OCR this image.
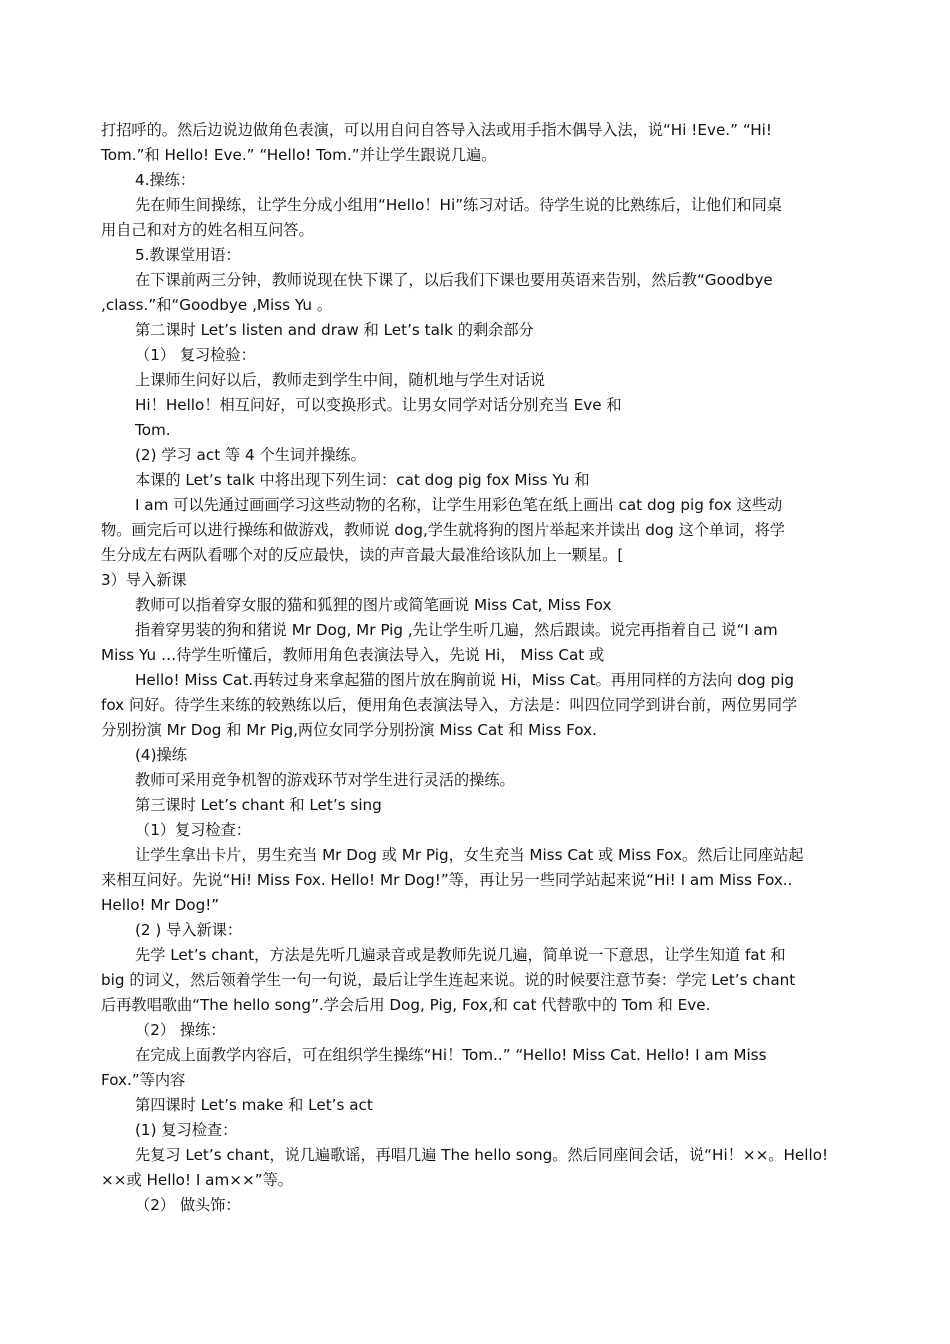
打招呼的。然后边说边做角色表演，可以用自问自答导入法或用手指木偶导入法，说“Hi !Eve.” “Hi!

Tom.”和 Hello! Eve.” “Hello! Tom.”并让学生跟说几遍。

4.操练：

先在师生间操练，让学生分成小组用“Hello！Hi”练习对话。待学生说的比熟练后，让他们和同桌

用自己和对方的姓名相互问答。

5.教课堂用语：

在下课前两三分钟，教师说现在快下课了，以后我们下课也要用英语来告别，然后教“Goodbye

,class.”和“Goodbye ,Miss Yu 。

第二课时 Let’s listen and draw 和 Let’s talk 的剩余部分

（1） 复习检验：

上课师生问好以后，教师走到学生中间，随机地与学生对话说

Hi！Hello！相互问好，可以变换形式。让男女同学对话分别充当 Eve 和

Tom.

(2) 学习 act 等 4 个生词并操练。

本课的 Let’s talk 中将出现下列生词：cat dog pig fox Miss Yu 和

I am 可以先通过画画学习这些动物的名称，让学生用彩色笔在纸上画出 cat dog pig fox 这些动

物。画完后可以进行操练和做游戏，教师说 dog,学生就将狗的图片举起来并读出 dog 这个单词，将学

生分成左右两队看哪个对的反应最快，读的声音最大最准给该队加上一颗星。[

3）导入新课

教师可以指着穿女服的猫和狐狸的图片或简笔画说 Miss Cat, Miss Fox

指着穿男装的狗和猪说 Mr Dog, Mr Pig ,先让学生听几遍，然后跟读。说完再指着自己 说“I am

Miss Yu …待学生听懂后，教师用角色表演法导入，先说 Hi， Miss Cat 或

Hello! Miss Cat.再转过身来拿起猫的图片放在胸前说 Hi，Miss Cat。再用同样的方法向 dog pig

fox 问好。待学生来练的较熟练以后，便用角色表演法导入，方法是：叫四位同学到讲台前，两位男同学

分别扮演 Mr Dog 和 Mr Pig,两位女同学分别扮演 Miss Cat 和 Miss Fox.

(4)操练

教师可采用竞争机智的游戏环节对学生进行灵活的操练。

第三课时 Let’s chant 和 Let’s sing

（1）复习检查：

让学生拿出卡片，男生充当 Mr Dog 或 Mr Pig，女生充当 Miss Cat 或 Miss Fox。然后让同座站起

来相互问好。先说“Hi! Miss Fox. Hello! Mr Dog!”等，再让另一些同学站起来说“Hi! I am Miss Fox..

Hello! Mr Dog!”

(2 ) 导入新课：

先学 Let’s chant，方法是先听几遍录音或是教师先说几遍，简单说一下意思，让学生知道 fat 和

big 的词义，然后领着学生一句一句说，最后让学生连起来说。说的时候要注意节奏：学完 Let’s chant

后再教唱歌曲“The hello song”.学会后用 Dog, Pig, Fox,和 cat 代替歌中的 Tom 和 Eve.

（2） 操练：

在完成上面教学内容后，可在组织学生操练“Hi！Tom..” “Hello! Miss Cat. Hello! I am Miss

Fox.”等内容

第四课时 Let’s make 和 Let’s act

(1) 复习检查：

先复习 Let’s chant，说几遍歌谣，再唱几遍 The hello song。然后同座间会话，说“Hi！××。Hello!

××或 Hello! I am××”等。

（2） 做头饰：
